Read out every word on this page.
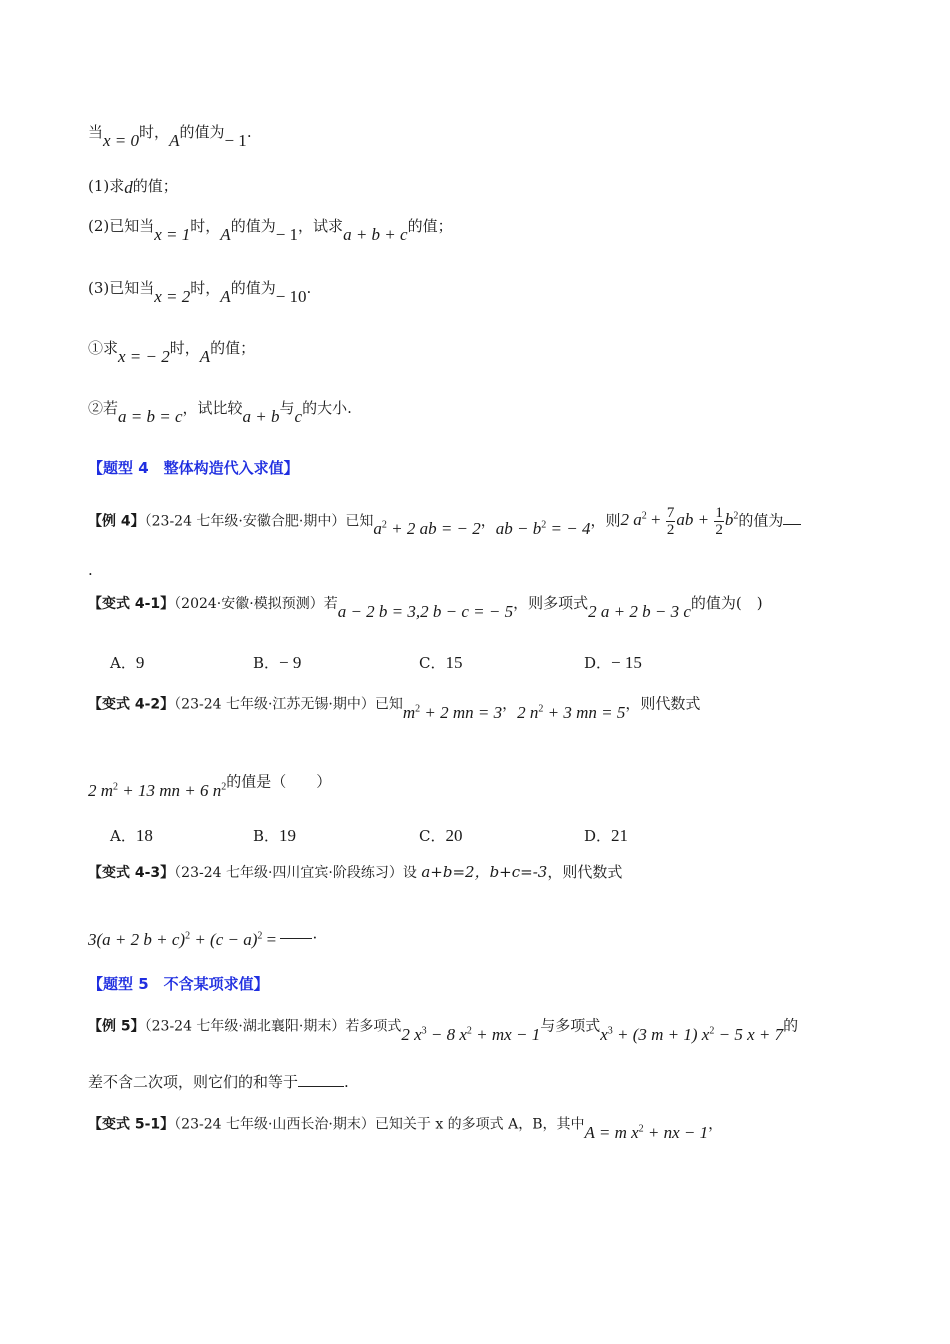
当x = 0时，A的值为− 1.
(1)求d的值；
(2)已知当x = 1时，A的值为− 1，试求a + b + c的值；
(3)已知当x = 2时，A的值为− 10.
①求x = − 2时，A的值；
②若a = b = c，试比较a + b与c的大小.
【题型 4　整体构造代入求值】
【例 4】（23-24 七年级·安徽合肥·期中）已知$a^2 + 2$ ab = − 2，ab − $b^2$ = − 4，则2 $a^2 + \frac{7}{2}$ ab + $\frac{1}{2} b^2$的值为
.
【变式 4-1】（2024·安徽·模拟预测）若a − 2 b = 3,2 b − c = − 5，则多项式2 a + 2 b − 3 c的值为(　)
A．9	B．− 9	C．15	D．− 15
【变式 4-2】（23-24 七年级·江苏无锡·期中）已知$m^2 + 2$ mn = 3，2 $n^2 + 3$ mn = 5，则代数式
2 $m^2 + 13$ mn + 6 $n^2$的值是（　　）
A．18	B．19	C．20	D．21
【变式 4-3】（23-24 七年级·四川宜宾·阶段练习）设 a+b=2，b+c=-3，则代数式
3(a + 2 $b + c)^2 + (c - a)^2$ = .
【题型 5　不含某项求值】
【例 5】（23-24 七年级·湖北襄阳·期末）若多项式2 $x^3 - 8$ $x^2$ + mx − 1与多项式$x^3 + (3$ m + 1) $x^2 - 5$ x + 7的
差不含二次项，则它们的和等于	.
【变式 5-1】（23-24 七年级·山西长治·期末）已知关于 x 的多项式 A，B，其中A = m $x^2$ + nx − 1，
